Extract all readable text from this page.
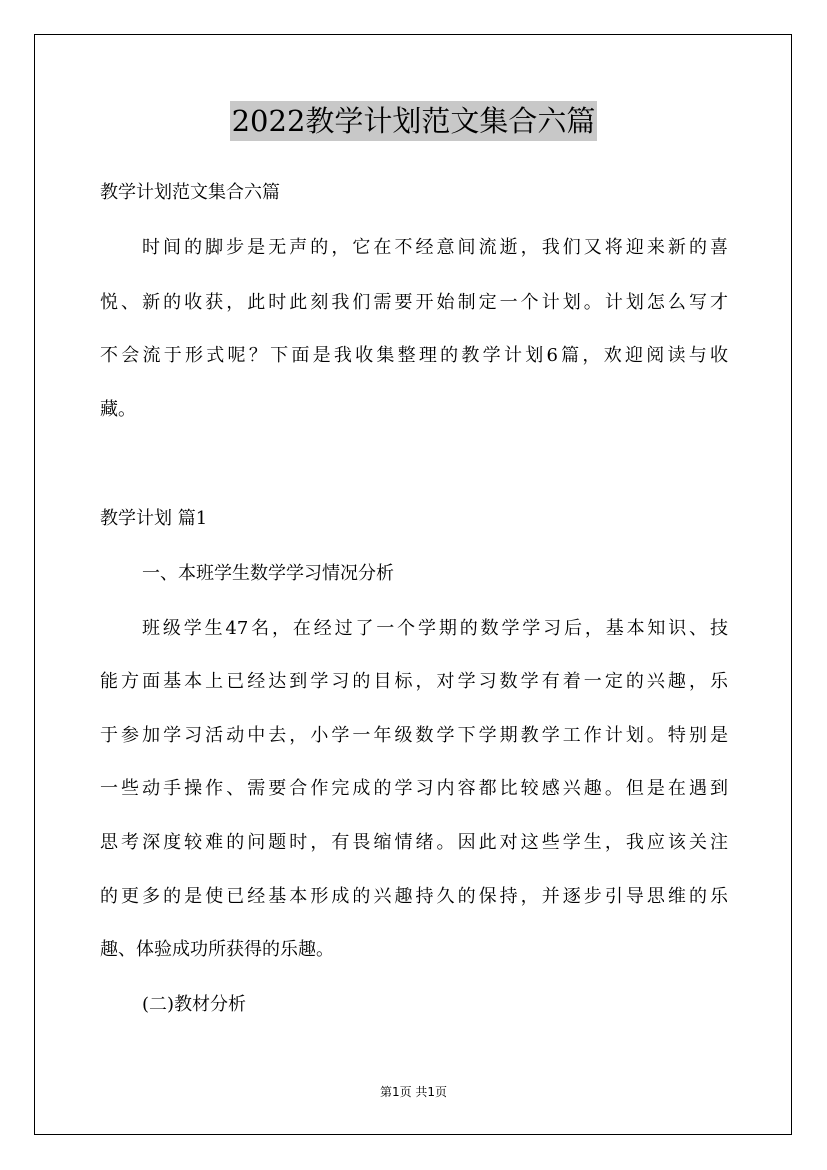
2022教学计划范文集合六篇
教学计划范文集合六篇
时间的脚步是无声的，它在不经意间流逝，我们又将迎来新的喜
悦、新的收获，此时此刻我们需要开始制定一个计划。计划怎么写才
不会流于形式呢？下面是我收集整理的教学计划6篇，欢迎阅读与收
藏。
教学计划 篇1
一、本班学生数学学习情况分析
班级学生47名，在经过了一个学期的数学学习后，基本知识、技
能方面基本上已经达到学习的目标，对学习数学有着一定的兴趣，乐
于参加学习活动中去，小学一年级数学下学期教学工作计划。特别是
一些动手操作、需要合作完成的学习内容都比较感兴趣。但是在遇到
思考深度较难的问题时，有畏缩情绪。因此对这些学生，我应该关注
的更多的是使已经基本形成的兴趣持久的保持，并逐步引导思维的乐
趣、体验成功所获得的乐趣。
(二)教材分析
第1页 共1页
